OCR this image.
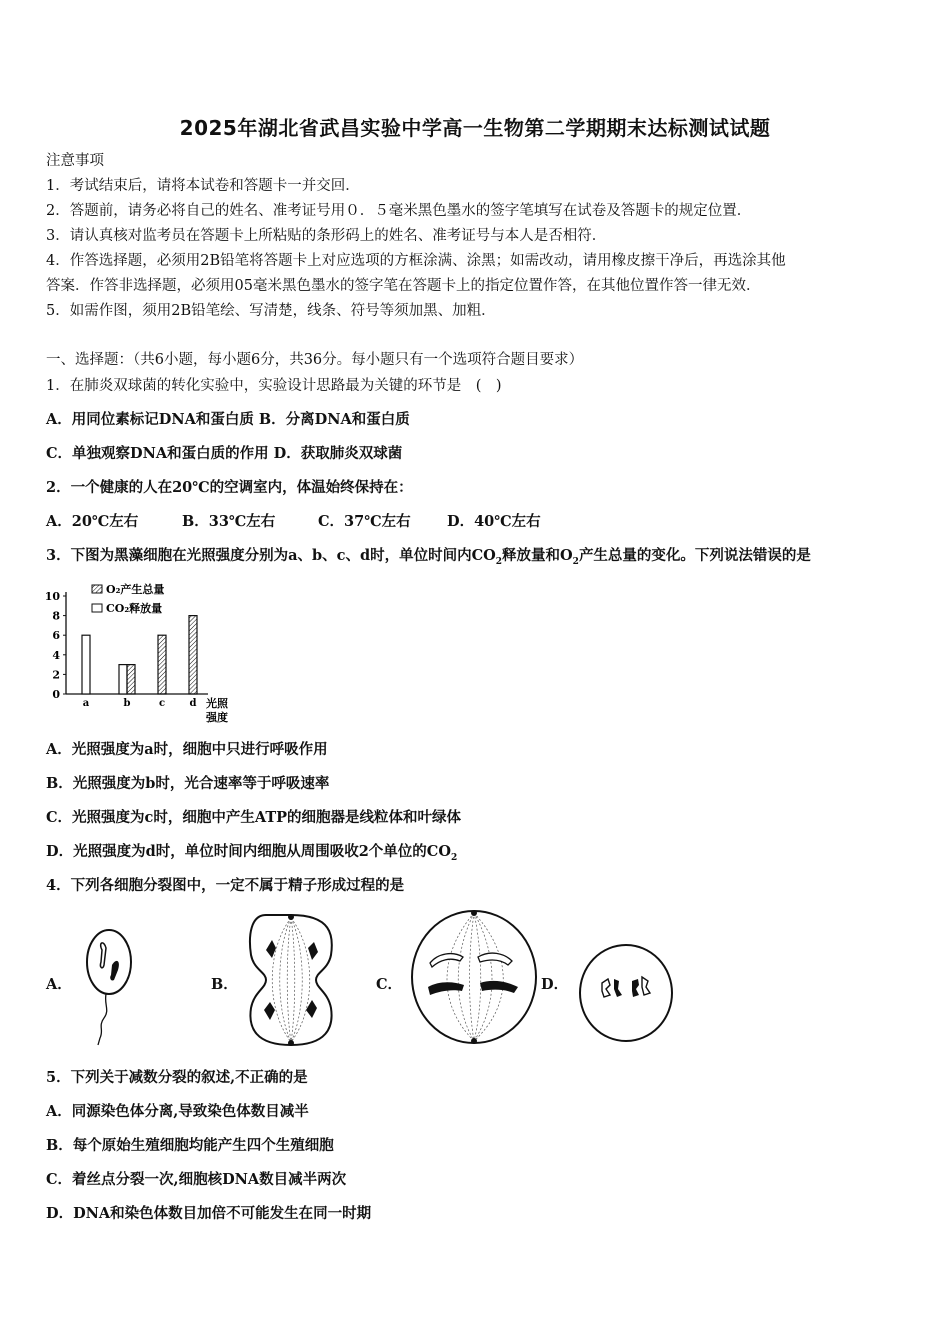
2025年湖北省武昌实验中学高一生物第二学期期末达标测试试题
注意事项
1．考试结束后，请将本试卷和答题卡一并交回．
2．答题前，请务必将自己的姓名、准考证号用０．５毫米黑色墨水的签字笔填写在试卷及答题卡的规定位置．
3．请认真核对监考员在答题卡上所粘贴的条形码上的姓名、准考证号与本人是否相符．
4．作答选择题，必须用2B铅笔将答题卡上对应选项的方框涂满、涂黑；如需改动，请用橡皮擦干净后，再选涂其他
答案．作答非选择题，必须用05毫米黑色墨水的签字笔在答题卡上的指定位置作答，在其他位置作答一律无效．
5．如需作图，须用2B铅笔绘、写清楚，线条、符号等须加黑、加粗．
一、选择题：（共6小题，每小题6分，共36分。每小题只有一个选项符合题目要求）
1．在肺炎双球菌的转化实验中，实验设计思路最为关键的环节是　(　)
A．用同位素标记DNA和蛋白质 B．分离DNA和蛋白质
C．单独观察DNA和蛋白质的作用 D．获取肺炎双球菌
2．一个健康的人在20℃的空调室内，体温始终保持在：
A．20℃左右	B．33℃左右	C．37℃左右	D．40℃左右
3．下图为黑藻细胞在光照强度分别为a、b、c、d时，单位时间内$CO_2$释放量和$O_2$产生总量的变化。下列说法错误的是
0
2
4
6
8
10
a	b	c d
O₂产生总量
CO₂释放量
光照
强度
A．光照强度为a时，细胞中只进行呼吸作用
B．光照强度为b时，光合速率等于呼吸速率
C．光照强度为c时，细胞中产生ATP的细胞器是线粒体和叶绿体
D．光照强度为d时，单位时间内细胞从周围吸收2个单位的$CO_2$
4．下列各细胞分裂图中，一定不属于精子形成过程的是
A．	B．	C．	D．
5．下列关于减数分裂的叙述,不正确的是
A．同源染色体分离,导致染色体数目减半
B．每个原始生殖细胞均能产生四个生殖细胞
C．着丝点分裂一次,细胞核DNA数目减半两次
D．DNA和染色体数目加倍不可能发生在同一时期
